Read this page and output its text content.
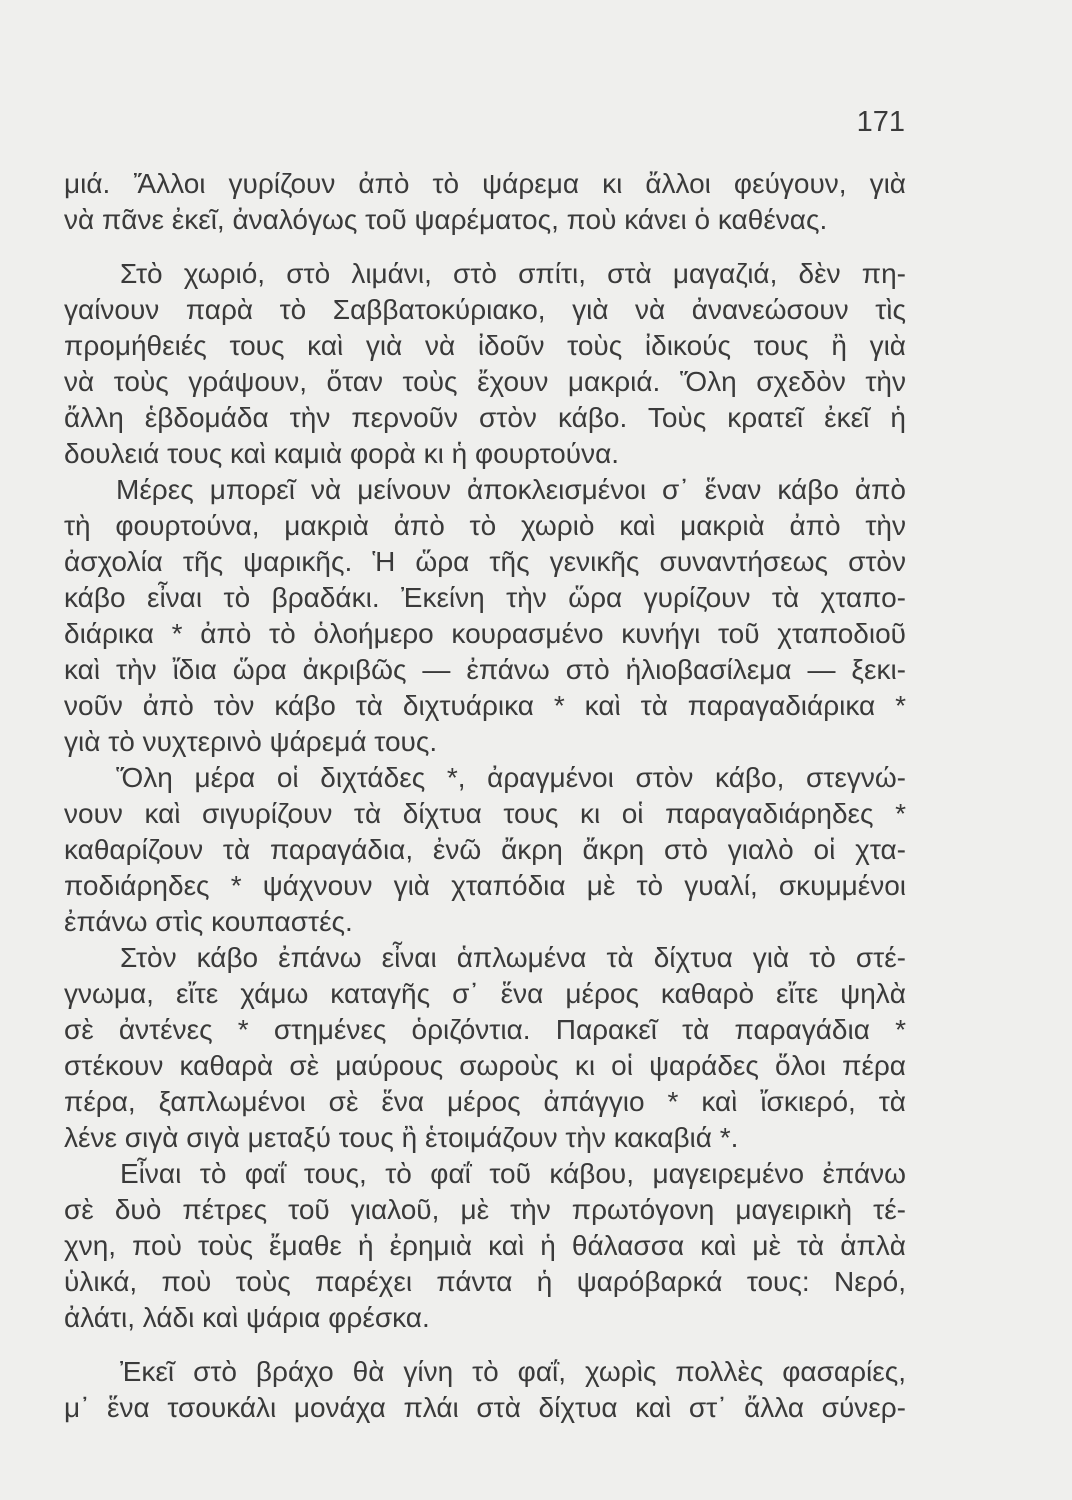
171
μιά. Ἄλλοι γυρίζουν ἀπὸ τὸ ψάρεμα κι ἄλλοι φεύγουν, γιὰ
νὰ πᾶνε ἐκεῖ, ἀναλόγως τοῦ ψαρέματος, ποὺ κάνει ὁ καθένας.
Στὸ χωριό, στὸ λιμάνι, στὸ σπίτι, στὰ μαγαζιά, δὲν πη-
γαίνουν παρὰ τὸ Σαββατοκύριακο, γιὰ νὰ ἀνανεώσουν τὶς
προμήθειές τους καὶ γιὰ νὰ ἰδοῦν τοὺς ἰδικούς τους ἢ γιὰ
νὰ τοὺς γράψουν, ὅταν τοὺς ἔχουν μακριά. Ὅλη σχεδὸν τὴν
ἄλλη ἑβδομάδα τὴν περνοῦν στὸν κάβο. Τοὺς κρατεῖ ἐκεῖ ἡ
δουλειά τους καὶ καμιὰ φορὰ κι ἡ φουρτούνα.
Μέρες μπορεῖ νὰ μείνουν ἀποκλεισμένοι σ᾽ ἕναν κάβο ἀπὸ
τὴ φουρτούνα, μακριὰ ἀπὸ τὸ χωριὸ καὶ μακριὰ ἀπὸ τὴν
ἀσχολία τῆς ψαρικῆς. Ἡ ὥρα τῆς γενικῆς συναντήσεως στὸν
κάβο εἶναι τὸ βραδάκι. Ἐκείνη τὴν ὥρα γυρίζουν τὰ χταπο-
διάρικα * ἀπὸ τὸ ὁλοήμερο κουρασμένο κυνήγι τοῦ χταποδιοῦ
καὶ τὴν ἴδια ὥρα ἀκριβῶς — ἐπάνω στὸ ἡλιοβασίλεμα — ξεκι-
νοῦν ἀπὸ τὸν κάβο τὰ διχτυάρικα * καὶ τὰ παραγαδιάρικα *
γιὰ τὸ νυχτερινὸ ψάρεμά τους.
Ὅλη μέρα οἱ διχτάδες *, ἀραγμένοι στὸν κάβο, στεγνώ-
νουν καὶ σιγυρίζουν τὰ δίχτυα τους κι οἱ παραγαδιάρηδες *
καθαρίζουν τὰ παραγάδια, ἐνῶ ἄκρη ἄκρη στὸ γιαλὸ οἱ χτα-
ποδιάρηδες * ψάχνουν γιὰ χταπόδια μὲ τὸ γυαλί, σκυμμένοι
ἐπάνω στὶς κουπαστές.
Στὸν κάβο ἐπάνω εἶναι ἁπλωμένα τὰ δίχτυα γιὰ τὸ στέ-
γνωμα, εἴτε χάμω καταγῆς σ᾽ ἕνα μέρος καθαρὸ εἴτε ψηλὰ
σὲ ἀντένες * στημένες ὁριζόντια. Παρακεῖ τὰ παραγάδια *
στέκουν καθαρὰ σὲ μαύρους σωροὺς κι οἱ ψαράδες ὅλοι πέρα
πέρα, ξαπλωμένοι σὲ ἕνα μέρος ἀπάγγιο * καὶ ἴσκιερό, τὰ
λένε σιγὰ σιγὰ μεταξύ τους ἢ ἑτοιμάζουν τὴν κακαβιά *.
Εἶναι τὸ φαΐ τους, τὸ φαΐ τοῦ κάβου, μαγειρεμένο ἐπάνω
σὲ δυὸ πέτρες τοῦ γιαλοῦ, μὲ τὴν πρωτόγονη μαγειρικὴ τέ-
χνη, ποὺ τοὺς ἔμαθε ἡ ἐρημιὰ καὶ ἡ θάλασσα καὶ μὲ τὰ ἁπλὰ
ὑλικά, ποὺ τοὺς παρέχει πάντα ἡ ψαρόβαρκά τους: Νερό,
ἀλάτι, λάδι καὶ ψάρια φρέσκα.
Ἐκεῖ στὸ βράχο θὰ γίνη τὸ φαΐ, χωρὶς πολλὲς φασαρίες,
μ᾽ ἕνα τσουκάλι μονάχα πλάι στὰ δίχτυα καὶ στ᾽ ἄλλα σύνερ-
